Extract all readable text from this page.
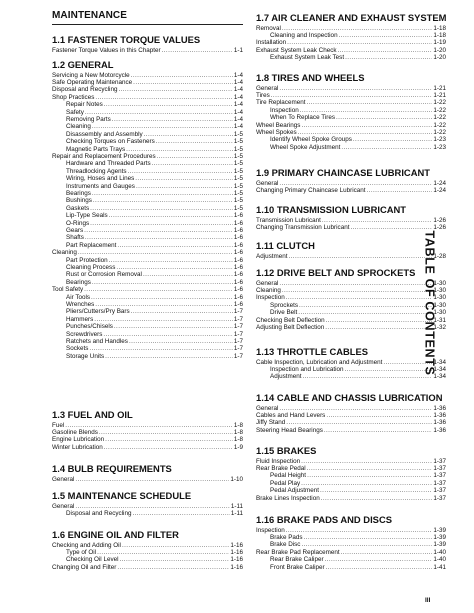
MAINTENANCE
1.1 FASTENER TORQUE VALUES
Fastener Torque Values in this Chapter .....	1-1
1.2 GENERAL
Servicing a New Motorcycle .....	1-4
Safe Operating Maintenance .....	1-4
Disposal and Recycling .....	1-4
Shop Practices .....	1-4
Repair Notes .....	1-4
Safety .....	1-4
Removing Parts .....	1-4
Cleaning .....	1-4
Disassembly and Assembly .....	1-5
Checking Torques on Fasteners .....	1-5
Magnetic Parts Trays .....	1-5
Repair and Replacement Procedures .....	1-5
Hardware and Threaded Parts .....	1-5
Threadlocking Agents .....	1-5
Wiring, Hoses and Lines .....	1-5
Instruments and Gauges .....	1-5
Bearings .....	1-5
Bushings .....	1-5
Gaskets .....	1-5
Lip-Type Seals .....	1-6
O-Rings .....	1-6
Gears .....	1-6
Shafts .....	1-6
Part Replacement .....	1-6
Cleaning .....	1-6
Part Protection .....	1-6
Cleaning Process .....	1-6
Rust or Corrosion Removal .....	1-6
Bearings .....	1-6
Tool Safety .....	1-6
Air Tools .....	1-6
Wrenches .....	1-6
Pliers/Cutters/Pry Bars .....	1-7
Hammers .....	1-7
Punches/Chisels .....	1-7
Screwdrivers .....	1-7
Ratchets and Handles .....	1-7
Sockets .....	1-7
Storage Units .....	1-7
1.3 FUEL AND OIL
Fuel .....	1-8
Gasoline Blends .....	1-8
Engine Lubrication .....	1-8
Winter Lubrication .....	1-9
1.4 BULB REQUIREMENTS
General .....	1-10
1.5 MAINTENANCE SCHEDULE
General .....	1-11
Disposal and Recycling .....	1-11
1.6 ENGINE OIL AND FILTER
Checking and Adding Oil .....	1-16
Type of Oil .....	1-16
Checking Oil Level .....	1-16
Changing Oil and Filter .....	1-16
1.7 AIR CLEANER AND EXHAUST SYSTEM
Removal .....	1-18
Cleaning and Inspection .....	1-18
Installation .....	1-19
Exhaust System Leak Check .....	1-20
Exhaust System Leak Test .....	1-20
1.8 TIRES AND WHEELS
General .....	1-21
Tires .....	1-21
Tire Replacement .....	1-22
Inspection .....	1-22
When To Replace Tires .....	1-22
Wheel Bearings .....	1-22
Wheel Spokes .....	1-22
Identify Wheel Spoke Groups .....	1-23
Wheel Spoke Adjustment .....	1-23
1.9 PRIMARY CHAINCASE LUBRICANT
General .....	1-24
Changing Primary Chaincase Lubricant .....	1-24
1.10 TRANSMISSION LUBRICANT
Transmission Lubricant .....	1-26
Changing Transmission Lubricant .....	1-26
1.11 CLUTCH
Adjustment .....	1-28
1.12 DRIVE BELT AND SPROCKETS
General .....	1-30
Cleaning .....	1-30
Inspection .....	1-30
Sprockets .....	1-30
Drive Belt .....	1-30
Checking Belt Deflection .....	1-31
Adjusting Belt Deflection .....	1-32
1.13 THROTTLE CABLES
Cable Inspection, Lubrication and Adjustment .....	1-34
Inspection and Lubrication .....	1-34
Adjustment .....	1-34
1.14 CABLE AND CHASSIS LUBRICATION
General .....	1-36
Cables and Hand Levers .....	1-36
Jiffy Stand .....	1-36
Steering Head Bearings .....	1-36
1.15 BRAKES
Fluid Inspection .....	1-37
Rear Brake Pedal .....	1-37
Pedal Height .....	1-37
Pedal Play .....	1-37
Pedal Adjustment .....	1-37
Brake Lines Inspection .....	1-37
1.16 BRAKE PADS AND DISCS
Inspection .....	1-39
Brake Pads .....	1-39
Brake Disc .....	1-39
Rear Brake Pad Replacement .....	1-40
Rear Brake Caliper .....	1-40
Front Brake Caliper .....	1-41
TABLE OF CONTENTS
III
